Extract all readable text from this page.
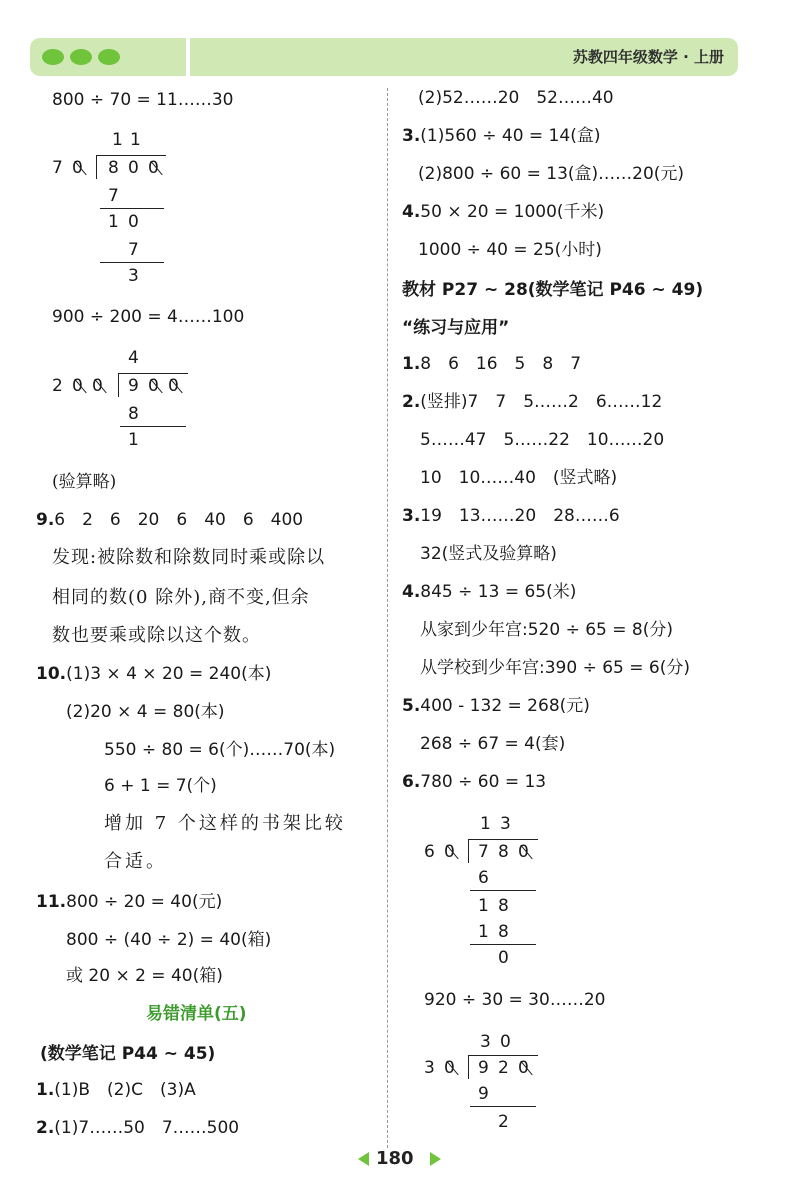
苏教四年级数学 · 上册
800 ÷ 70 = 11……30
1 1
7 0 8 0 0
7
1 0
7
3
900 ÷ 200 = 4……100
4
2 0 0 9 0 0
8
1
(验算略)
9.6　2　6　20　6　40　6　400
发现:被除数和除数同时乘或除以
相同的数(0 除外),商不变,但余
数也要乘或除以这个数。
10.(1)3 × 4 × 20 = 240(本)
(2)20 × 4 = 80(本)
550 ÷ 80 = 6(个)……70(本)
6 + 1 = 7(个)
增加 7 个这样的书架比较
合适。
11.800 ÷ 20 = 40(元)
800 ÷ (40 ÷ 2) = 40(箱)
或 20 × 2 = 40(箱)
易错清单(五)
(数学笔记 P44 ~ 45)
1.(1)B　(2)C　(3)A
2.(1)7……50　7……500
(2)52……20　52……40
3.(1)560 ÷ 40 = 14(盒)
(2)800 ÷ 60 = 13(盒)……20(元)
4.50 × 20 = 1000(千米)
1000 ÷ 40 = 25(小时)
教材 P27 ~ 28(数学笔记 P46 ~ 49)
“练习与应用”
1.8　6　16　5　8　7
2.(竖排)7　7　5……2　6……12
5……47　5……22　10……20
10　10……40　(竖式略)
3.19　13……20　28……6
32(竖式及验算略)
4.845 ÷ 13 = 65(米)
从家到少年宫:520 ÷ 65 = 8(分)
从学校到少年宫:390 ÷ 65 = 6(分)
5.400 - 132 = 268(元)
268 ÷ 67 = 4(套)
6.780 ÷ 60 = 13
1 3
6 0 7 8 0
6
1 8
1 8
0
920 ÷ 30 = 30……20
3 0
3 0 9 2 0
9
2
180
